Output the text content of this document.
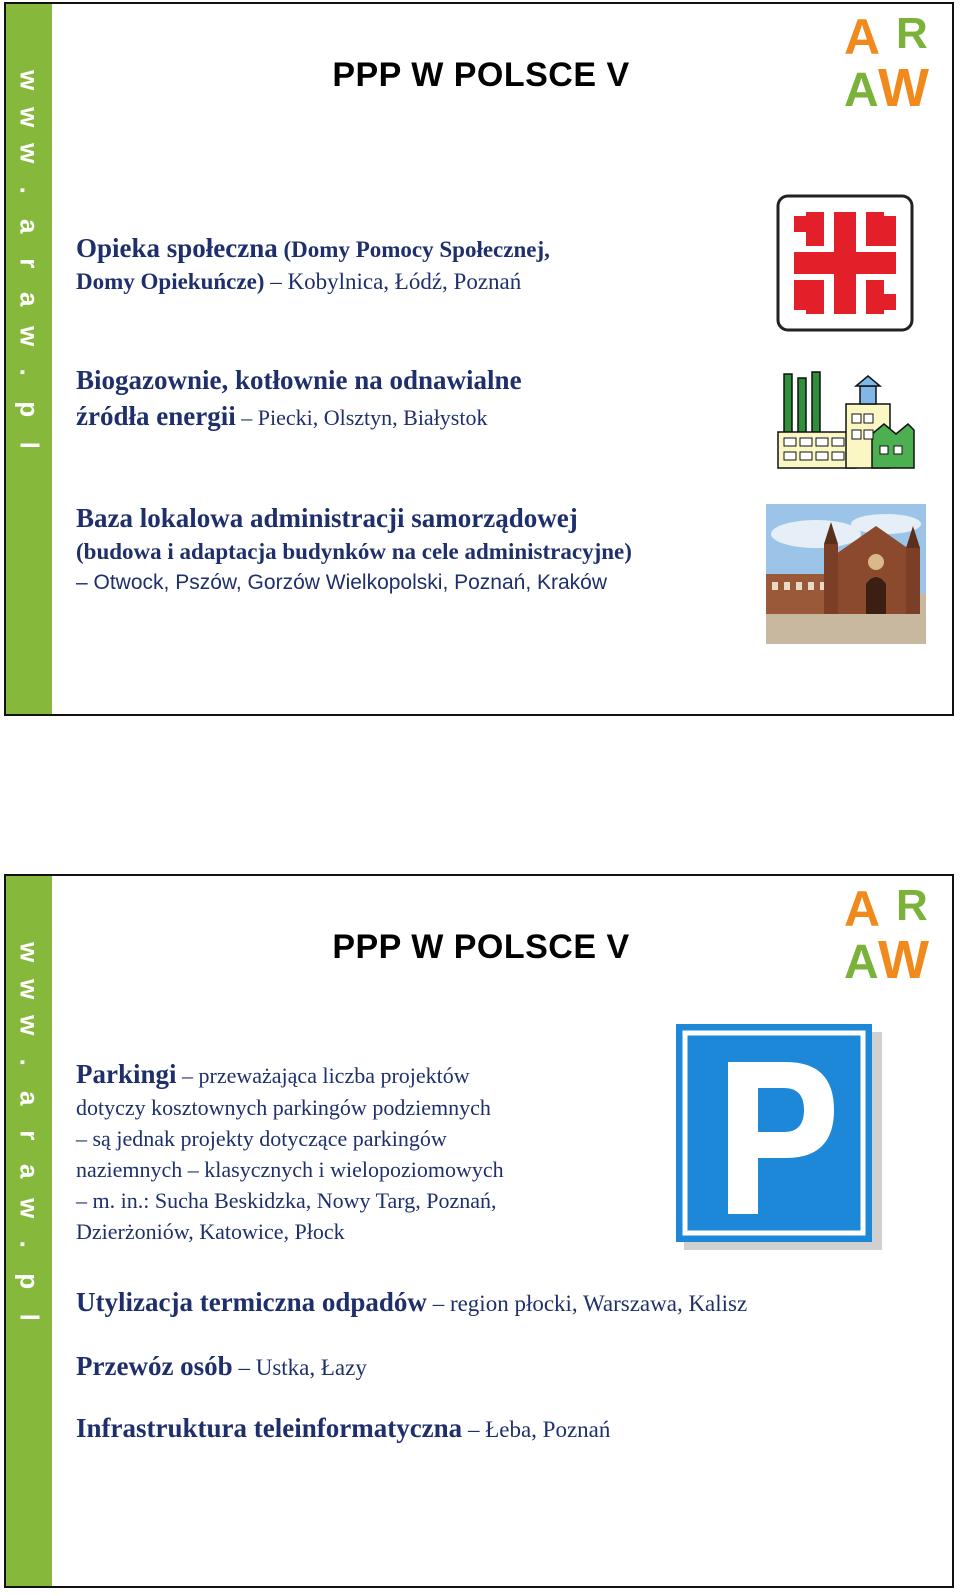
w
w
w
.
a
r
a
w
.
p
l
PPP W POLSCE V
A R
A W
Opieka społeczna (Domy Pomocy Społecznej,
Domy Opiekuńcze) – Kobylnica, Łódź, Poznań
Biogazownie, kotłownie na odnawialne
źródła energii – Piecki, Olsztyn, Białystok
Baza lokalowa administracji samorządowej
(budowa i adaptacja budynków na cele administracyjne)
– Otwock, Pszów, Gorzów Wielkopolski, Poznań, Kraków
w
w
w
.
a
r
a
w
.
p
l
PPP W POLSCE V
A R
A W
Parkingi – przeważająca liczba projektów
dotyczy kosztownych parkingów podziemnych
– są jednak projekty dotyczące parkingów
naziemnych – klasycznych i wielopoziomowych
– m. in.: Sucha Beskidzka, Nowy Targ, Poznań,
Dzierżoniów, Katowice, Płock
Utylizacja termiczna odpadów – region płocki, Warszawa, Kalisz
Przewóz osób – Ustka, Łazy
Infrastruktura teleinformatyczna – Łeba, Poznań
